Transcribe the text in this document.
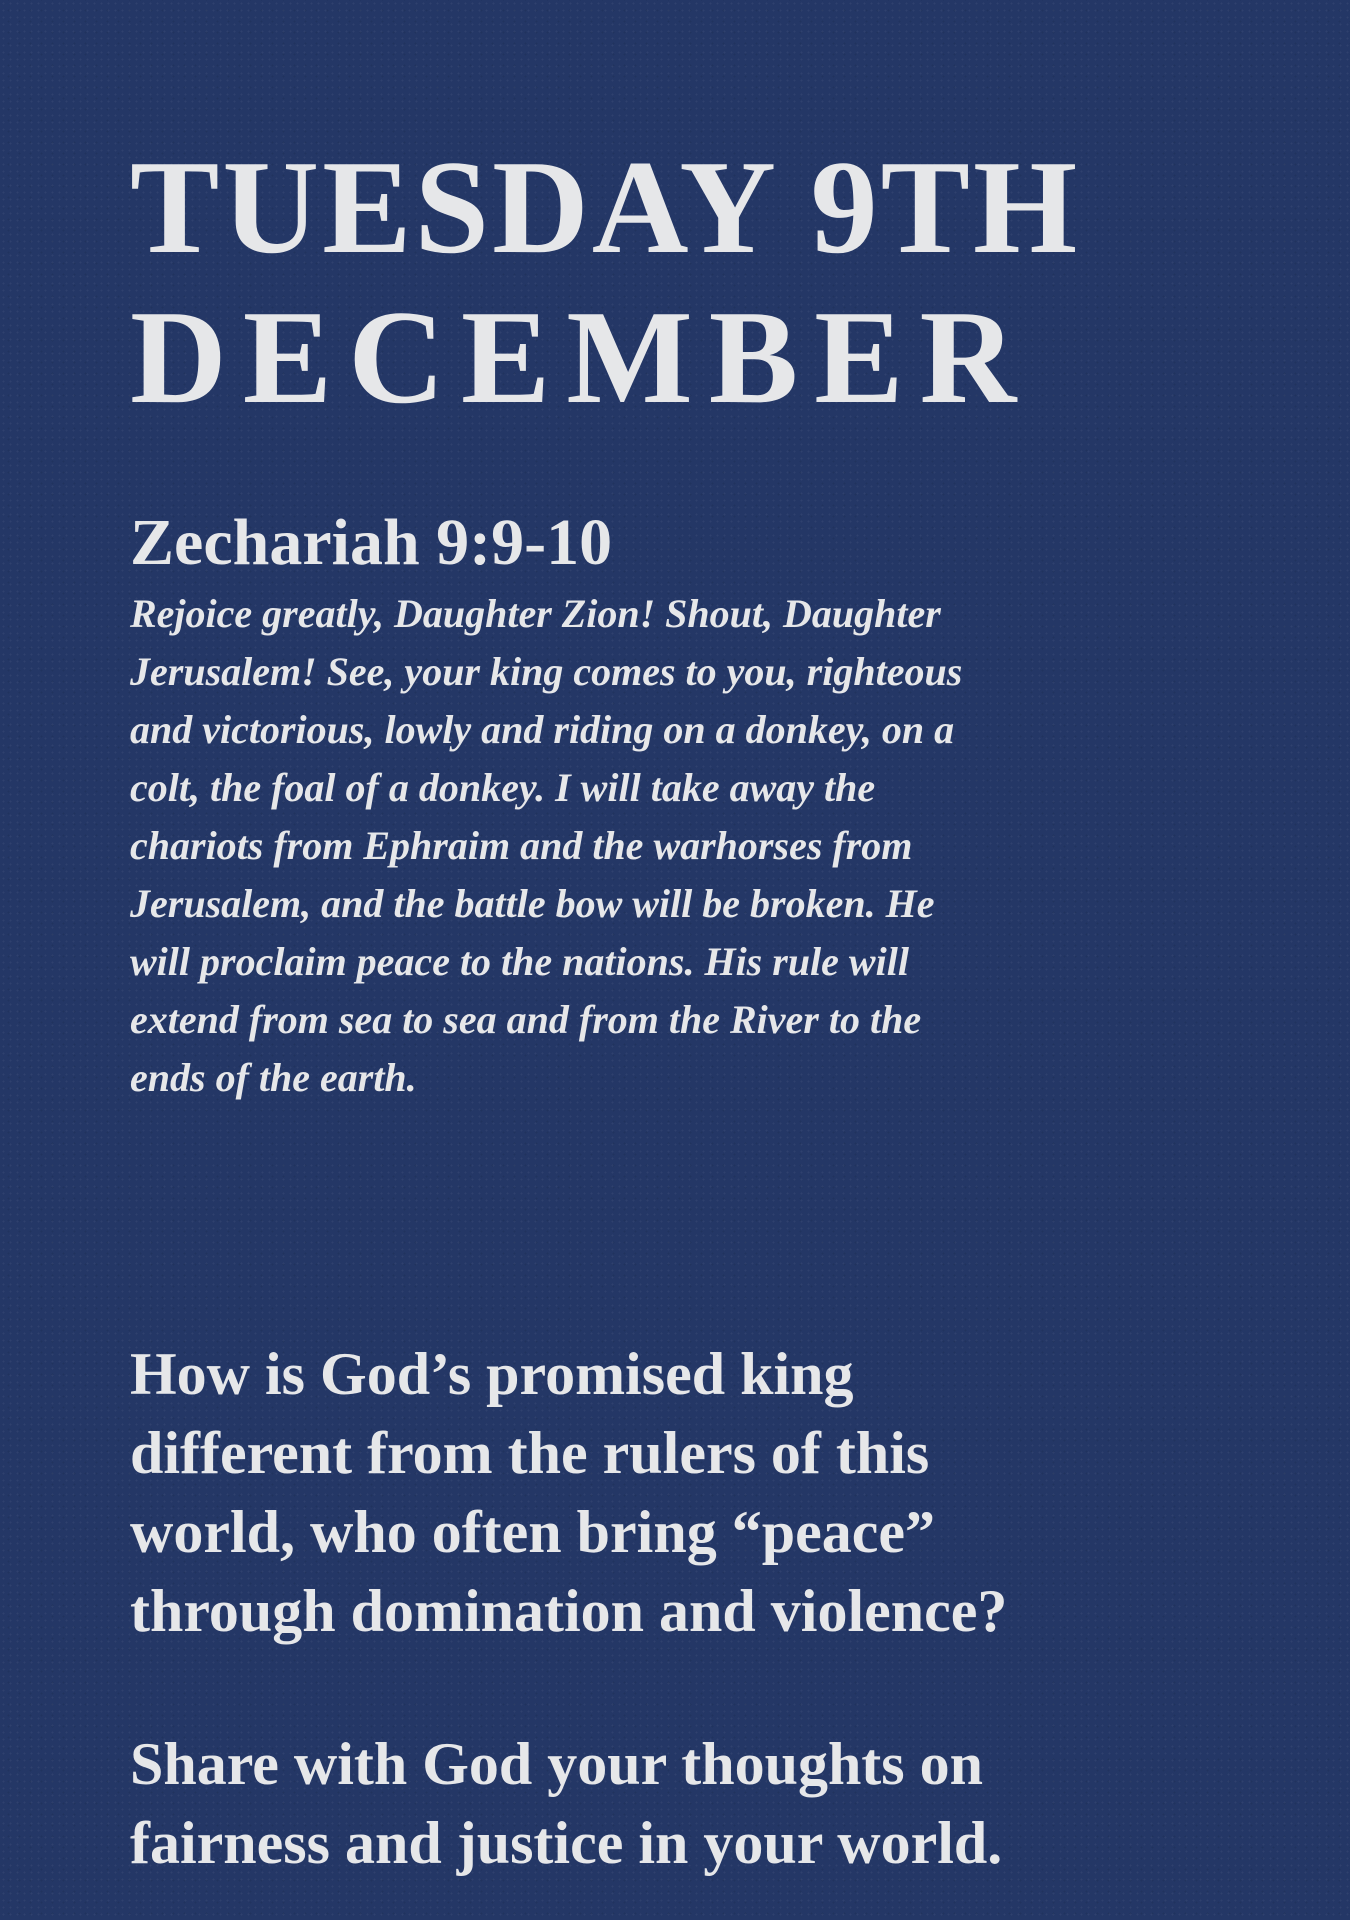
TUESDAY 9TH
DECEMBER
Zechariah 9:9-10

Rejoice greatly, Daughter Zion! Shout, Daughter
Jerusalem! See, your king comes to you, righteous
and victorious, lowly and riding on a donkey, on a
colt, the foal of a donkey. I will take away the
chariots from Ephraim and the warhorses from
Jerusalem, and the battle bow will be broken. He
will proclaim peace to the nations. His rule will
extend from sea to sea and from the River to the
ends of the earth.

How is God’s promised king
different from the rulers of this
world, who often bring “peace”
through domination and violence?

Share with God your thoughts on
fairness and justice in your world.
